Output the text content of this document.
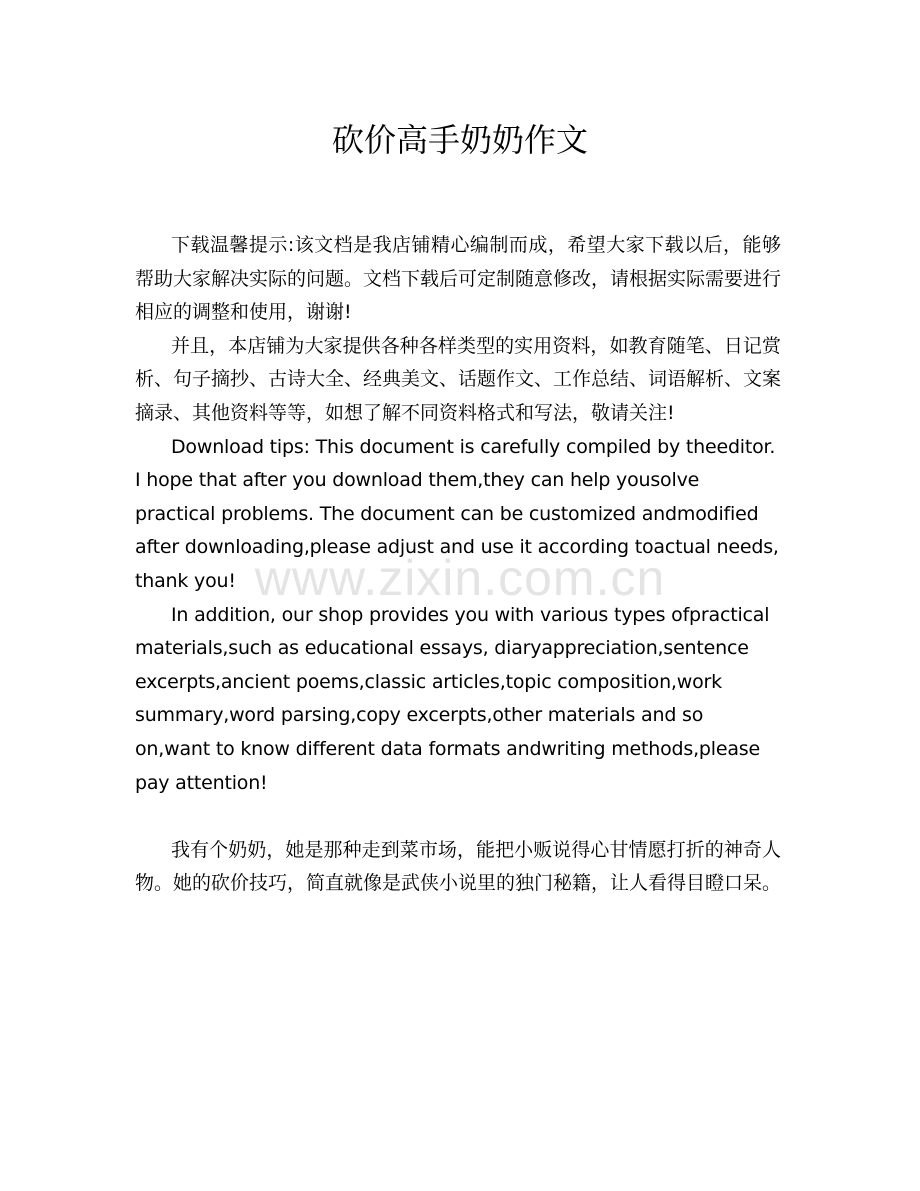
砍价高手奶奶作文

下载温馨提示:该文档是我店铺精心编制而成，希望大家下载以后，能够帮助大家解决实际的问题。文档下载后可定制随意修改，请根据实际需要进行相应的调整和使用，谢谢!

并且，本店铺为大家提供各种各样类型的实用资料，如教育随笔、日记赏析、句子摘抄、古诗大全、经典美文、话题作文、工作总结、词语解析、文案摘录、其他资料等等，如想了解不同资料格式和写法，敬请关注!

Download tips: This document is carefully compiled by theeditor. I hope that after you download them,they can help yousolve practical problems. The document can be customized andmodified after downloading,please adjust and use it according toactual needs, thank you!

In addition, our shop provides you with various types ofpractical materials,such as educational essays, diaryappreciation,sentence excerpts,ancient poems,classic articles,topic composition,work summary,word parsing,copy excerpts,other materials and so on,want to know different data formats andwriting methods,please pay attention!

我有个奶奶，她是那种走到菜市场，能把小贩说得心甘情愿打折的神奇人物。她的砍价技巧，简直就像是武侠小说里的独门秘籍，让人看得目瞪口呆。

www.zixin.com.cn
